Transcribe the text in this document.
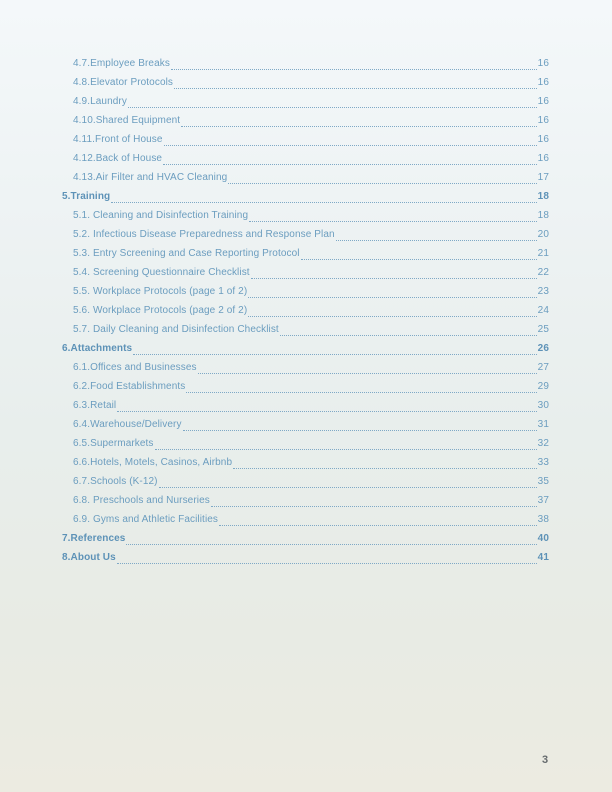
4.7.Employee Breaks	16
4.8.Elevator Protocols	16
4.9.Laundry	16
4.10.Shared Equipment	16
4.11.Front of House	16
4.12.Back of House	16
4.13.Air Filter and HVAC Cleaning	17
5.Training	18
5.1. Cleaning and Disinfection Training	18
5.2. Infectious Disease Preparedness and Response Plan	20
5.3. Entry Screening and Case Reporting Protocol	21
5.4. Screening Questionnaire Checklist	22
5.5. Workplace Protocols (page 1 of 2)	23
5.6. Workplace Protocols (page 2 of 2)	24
5.7. Daily Cleaning and Disinfection Checklist	25
6.Attachments	26
6.1.Offices and Businesses	27
6.2.Food Establishments	29
6.3.Retail	30
6.4.Warehouse/Delivery	31
6.5.Supermarkets	32
6.6.Hotels, Motels, Casinos, Airbnb	33
6.7.Schools (K-12)	35
6.8. Preschools and Nurseries	37
6.9. Gyms and Athletic Facilities	38
7.References	40
8.About Us	41
3
